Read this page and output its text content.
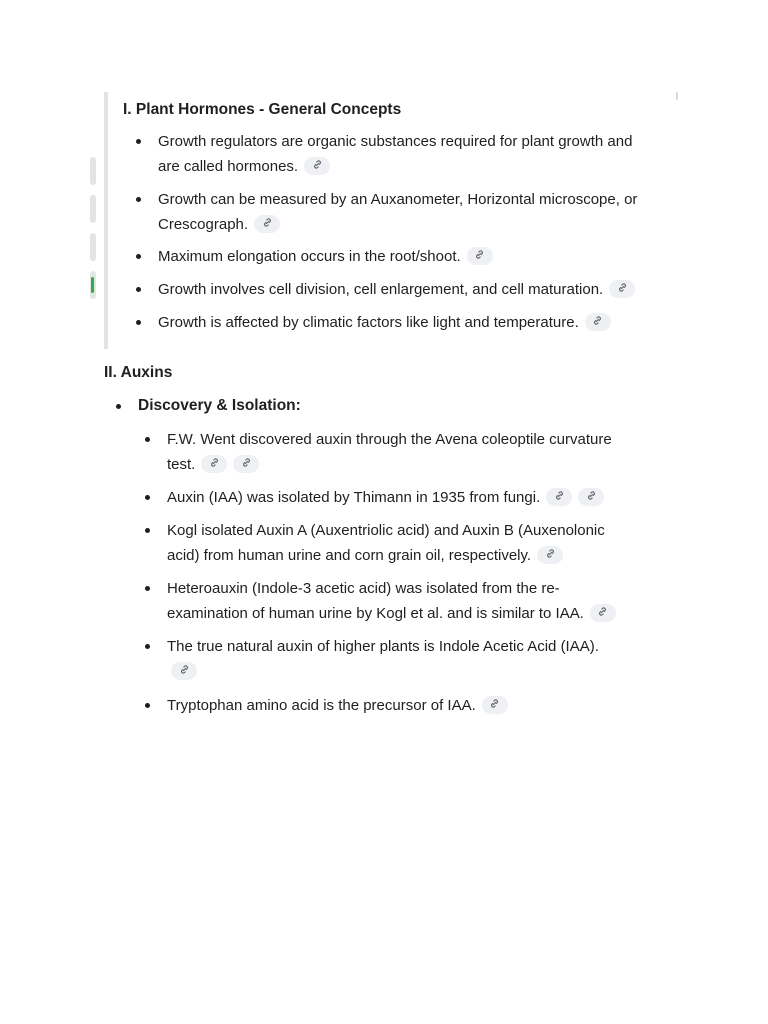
I. Plant Hormones - General Concepts
Growth regulators are organic substances required for plant growth and
are called hormones.
Growth can be measured by an Auxanometer, Horizontal microscope, or
Crescograph.
Maximum elongation occurs in the root/shoot.
Growth involves cell division, cell enlargement, and cell maturation.
Growth is affected by climatic factors like light and temperature.
II. Auxins
Discovery & Isolation:
F.W. Went discovered auxin through the Avena coleoptile curvature
test.
Auxin (IAA) was isolated by Thimann in 1935 from fungi.
Kogl isolated Auxin A (Auxentriolic acid) and Auxin B (Auxenolonic
acid) from human urine and corn grain oil, respectively.
Heteroauxin (Indole-3 acetic acid) was isolated from the re-
examination of human urine by Kogl et al. and is similar to IAA.
The true natural auxin of higher plants is Indole Acetic Acid (IAA).

Tryptophan amino acid is the precursor of IAA.
